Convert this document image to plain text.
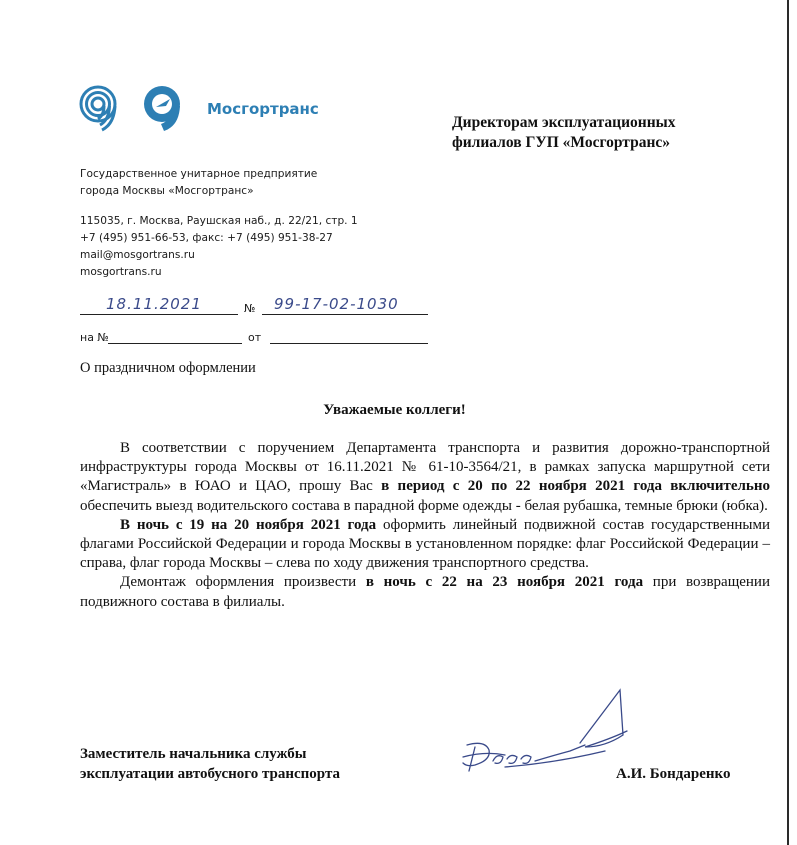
Мосгортранс
Государственное унитарное предприятие
города Москвы «Мосгортранс»
115035, г. Москва, Раушская наб., д. 22/21, стр. 1
+7 (495) 951-66-53, факс: +7 (495) 951-38-27
mail@mosgortrans.ru
mosgortrans.ru
18.11.2021	№ 99-17-02-1030
на №	от
Директорам эксплуатационных
филиалов ГУП «Мосгортранс»
О праздничном оформлении
Уважаемые коллеги!

В соответствии с поручением Департамента транспорта и развития дорожно-транспортной инфраструктуры города Москвы от 16.11.2021 № 61-10-3564/21, в рамках запуска маршрутной сети «Магистраль» в ЮАО и ЦАО, прошу Вас в период с 20 по 22 ноября 2021 года включительно обеспечить выезд водительского состава в парадной форме одежды - белая рубашка, темные брюки (юбка).

В ночь с 19 на 20 ноября 2021 года оформить линейный подвижной состав государственными флагами Российской Федерации и города Москвы в установленном порядке: флаг Российской Федерации – справа, флаг города Москвы – слева по ходу движения транспортного средства.

Демонтаж оформления произвести в ночь с 22 на 23 ноября 2021 года при возвращении подвижного состава в филиалы.

Заместитель начальника службы
эксплуатации автобусного транспорта	А.И. Бондаренко
